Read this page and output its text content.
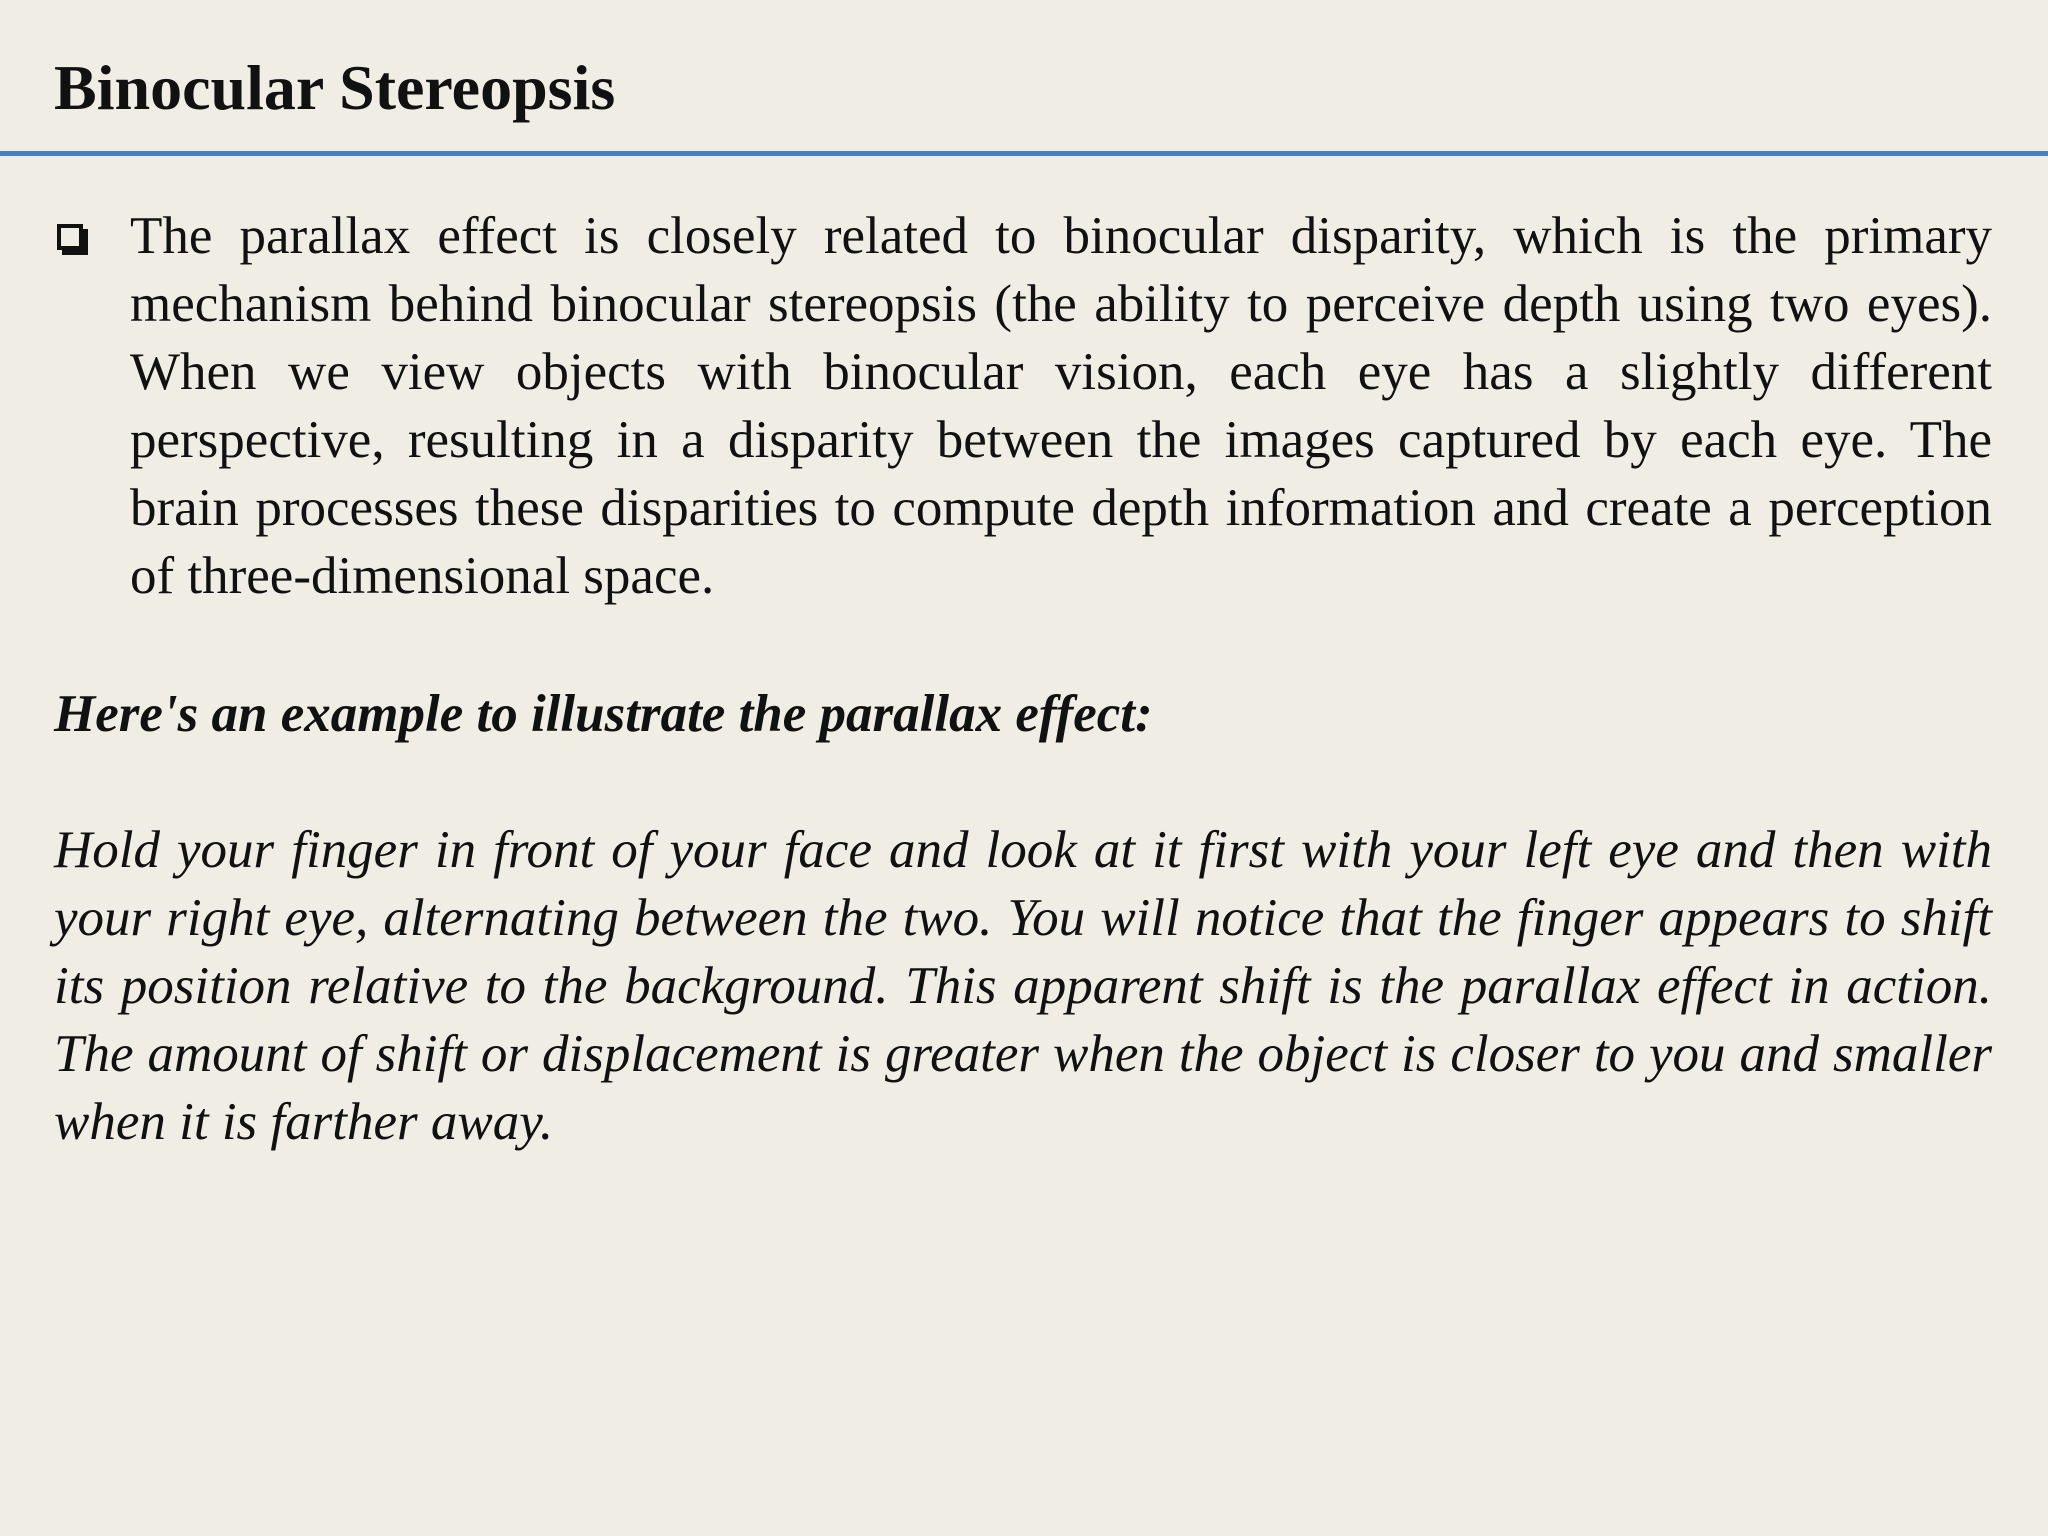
Binocular Stereopsis

The parallax effect is closely related to binocular disparity, which is the primary mechanism behind binocular stereopsis (the ability to perceive depth using two eyes). When we view objects with binocular vision, each eye has a slightly different perspective, resulting in a disparity between the images captured by each eye. The brain processes these disparities to compute depth information and create a perception of three-dimensional space.

Here's an example to illustrate the parallax effect:

Hold your finger in front of your face and look at it first with your left eye and then with your right eye, alternating between the two. You will notice that the finger appears to shift its position relative to the background. This apparent shift is the parallax effect in action. The amount of shift or displacement is greater when the object is closer to you and smaller when it is farther away.
